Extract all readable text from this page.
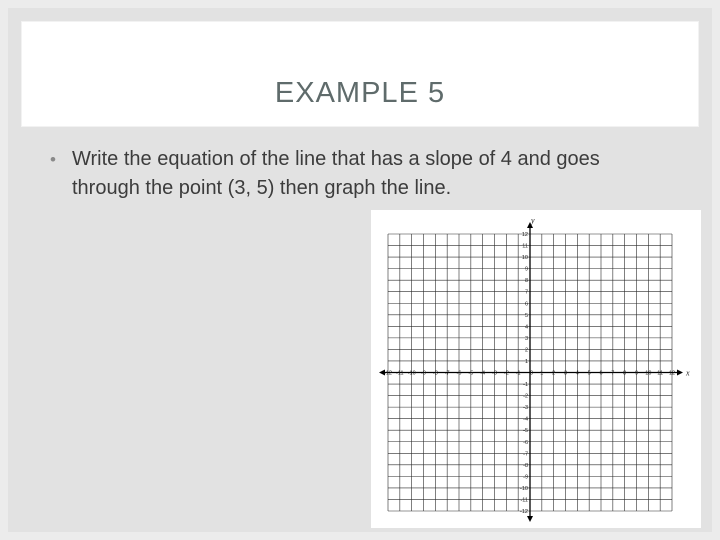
EXAMPLE 5
• Write the equation of the line that has a slope of 4 and goes through the point (3, 5) then graph the line.
-12 -11 -10 -9 -8 -7 -6 -5 -4 -3 -2 -1 0 1 2 3 4 5 6 7 8 9 10 11 12
12
11
10
9
8
7
6
5
4
3
2
1
-1
-2
-3
-4
-5
-6
-7
-8
-9
-10
-11
-12
x
y
